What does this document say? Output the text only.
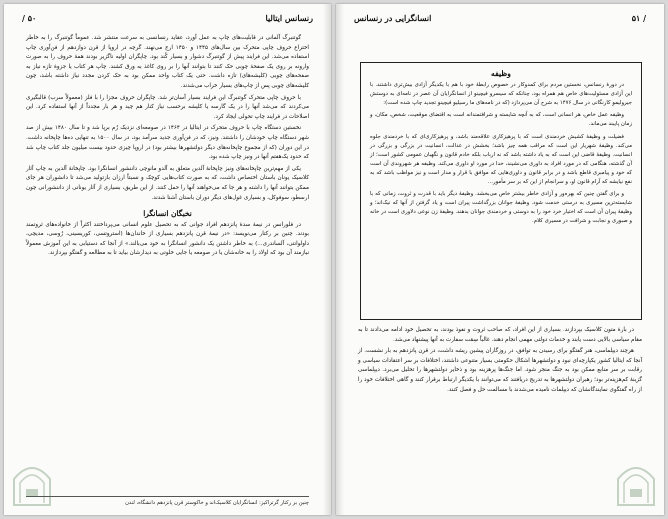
رنسانس ایتالیا
۵۰ /

گوتنبرگ آلمانی در قابلیت‌های چاپ به عمل آورد، عقاید رنسانسی به سرعت منتشر شد. عموماً گوتنبرگ را به خاطر اختراع حروف چاپی متحرک بین سال‌های ۱۴۴۵ و ۱۴۵۰ ارج می‌نهند. گرچه در اروپا از قرن دوازدهم از فن‌آوری چاپ استفاده می‌شد. این فرایند پیش از گوتنبرگ دشوار و بسیار کُند بود. چاپگران اولیه ناگزیر بودند همهٔ حروف را به صورت وارونه بر روی یک صفحهٔ چوبی حک کنند تا بتوانند آنها را بر روی کاغذ به ورق کشند. چاپ هر کتاب یا جزوهٔ تازه نیاز به صفحه‌های چوبی (کلیشه‌های) تازه داشت. حتی یک کتاب واحد ممکن بود به حک کردن مجدد نیاز داشته باشد، چون کلیشه‌های چوبی پس از چاپ‌های بسیار خراب می‌شدند.

با حروف چاپی متحرک گوتنبرگ این فرایند بسیار آسان‌تر شد. چاپگران حروف مجزا را با فلز (معمولاً سرب) قالبگیری می‌کردند که می‌شد آنها را در یک گارسه یا کلیشه برحسب نیاز کنار هم چید و هر بار مجدداً از آنها استفاده کرد. این اصلاحات در فرایند چاپ تحولی ایجاد کرد.

نخستین دستگاه چاپ با حروف متحرک در ایتالیا در ۱۴۶۴ در صومعه‌ای نزدیک رُم برپا شد و تا سال ۱۴۸۰ بیش از صد شهر دستگاه چاپ خودشان را داشتند. ونیز، که در فن‌آوری جدید سرآمد بود، در سال ۱۵۰۰ به تنهایی ده‌ها چاپخانه داشت. در این دوران (که از مجموع چاپخانه‌های دیگر دولتشهرها بیشتر بود) در اروپا چیزی حدود بیست میلیون جلد کتاب چاپ شد که حدود یک‌هفتم آنها در ونیز چاپ شده بود.

یکی از مهم‌ترین چاپخانه‌های ونیز چاپخانهٔ آلدین متعلق به آلدو مانوچی داننشور انسانگرا بود. چاپخانهٔ آلدین به چاپ آثار کلاسیک یونان باستان اختصاص داشت، که به صورت کتاب‌هایی کوچک و نسبتاً ارزان بازتولید می‌شد تا دانشوران هر جای ممکن بتوانند آنها را داشته و هر جا که می‌خواهند آنها را حمل کنند. از این طریق، بسیاری از آثار یونانی از داننشورانی چون ارسطو، سوفوکل، و بسیاری غول‌های دیگر دوران باستان آشنا شدند.

نخبگان انسانگرا

در فلورانس در نیمهٔ سدهٔ پانزدهم افراد جوانی که به تحصیل علوم انسانی می‌پرداختند اکثراً از خانواده‌های ثروتمند بودند. چنین بر رکتار می‌نویسد: «در نیمهٔ قرن پانزدهم بسیاری از خاندان‌ها (استروتسی، کوریسینی، رُوسی، مدیچی، داولوانتی، آلساندری...) به خاطر داشتن یک دانشور انسانگرا به خود می‌بالند.» از آنجا که دستیابی به این آموزش معمولاً نیازمند آن بود که اولاد را به خانه‌شان یا در صومعه یا جایی خلوتی به دیدارشان بیاید تا به مطالعه و گفتگو بپردازند.

چنین بر رکتار گرتراکیز: انسانگرایان کلاسیک‌اند و خاکوستر قرن پانزدهم دانشگاه، لندن
انسانگرایی در رنسانس	/ ۵۱
وظیفه

در دورهٔ رنسانس، نخستین مردم برای کمدوکار در خصوص رابطهٔ خود با هم با یکدیگر آزادی بیش‌تری داشتند. با این آزادی مسئولیت‌های خاص هم همراه بود، چنانکه که سیسرو فیچینو از انسانگرایان آن عصر در نامه‌ای به دوستش جیرولیمو کارنگانی در سال ۱۴۷۶ به شرح آن می‌پردازد (که در نامه‌های ما رسیلیو فیچینو تجدید چاپ شده است):

وظیفه عمل خاص، هر انسانی است، که به آنچه شایسته و شرافتمندانه است به اقتضای موقعیت، شخص، مکان، و زمان پایبند می‌ماند.

فضیلت و وظیفهٔ کشیش خردمندی است که با پرهیزکاری علاقه‌مند باشد، و پرهیزکاری‌ای که با خردمندی جلوه می‌کند. وظیفهٔ شهریار این است که مراقب همه چیز باشد؛ بخشش در عدالت، انسانیت در بزرگی و بزرگی در انسانیت. وظیفهٔ قاضی این است که به یاد داشته باشد که نه ارباب بلکه خادم قانون و نگهبان عمومی کشور است؛ از آن گذشته، هنگامی که در مورد افراد به داوری می‌نشیند، خدا در مورد او داوری می‌کند. وظیفه هر شهروندی آن است که خود و پیامبری قاطع باشد و در برابر قانون و داوری‌هایی که موافق با قرار و مدار است و نیز مواظب باشد که به نفع نیایشه که آرام قانون او، و سرانجام از این که بر سر مأمور...

و برای گفتن چنین که بهره‌ور و آزادی خاطر بیشتر خاص می‌بخشد. وظیفهٔ دیگر باید با قدرت و ثروت، زمانی که با شایسته‌ترین مسیری به درستی خدمت شود. وظیفهٔ جوانان بزرگداشت پیران است و یاد گرفتن از آنها که نیک‌اند؛ و وظیفهٔ پیران آن است که اختیار خرد خود را به دوستی و خردمندی جوانان بدهند. وظیفهٔ زن نوعی دلاوری است در خانه و صبوری و نجابت و شرافت در مسیری کلام.

در بارهٔ متون کلاسیک بپردازند. بسیاری از این افراد، که صاحب ثروت و نفوذ بودند، به تحصیل خود ادامه می‌دادند تا به مقام سیاسی بالایی دست یابند و خدمات دولتی مهمی انجام دهند. غالباً سِمَت سفارت به آنها پیشنهاد می‌شد.

هرچند دیپلماسی، هنر گفتگو برای رسیدن به توافق، در روزگاران پیشین ریشه داشت، در قرن پانزدهم به بار نشست. از آنجا که ایتالیا کشور یکپارچه‌ای نبود و دولتشهرها اشکال حکومتی بسیار متنوعی داشتند، اختلافات بر سر اعتقادات سیاسی و رقابت بر سر منابع ممکن بود به جنگ منجر شود. اما جنگ‌ها پرهزینه بود و ذخایر دولتشهرها را تحلیل می‌برد. دیپلماسی گزینهٔ کم‌هزینه‌تر بود؛ رهبران دولتشهرها به تدریج دریافتند که می‌توانند با یکدیگر ارتباط برقرار کنند و گاهی اختلافات خود را از راه گفتگوی نمایندگانشان که دیپلمات نامیده می‌شدند با مسالمت حل و فصل کنند.
